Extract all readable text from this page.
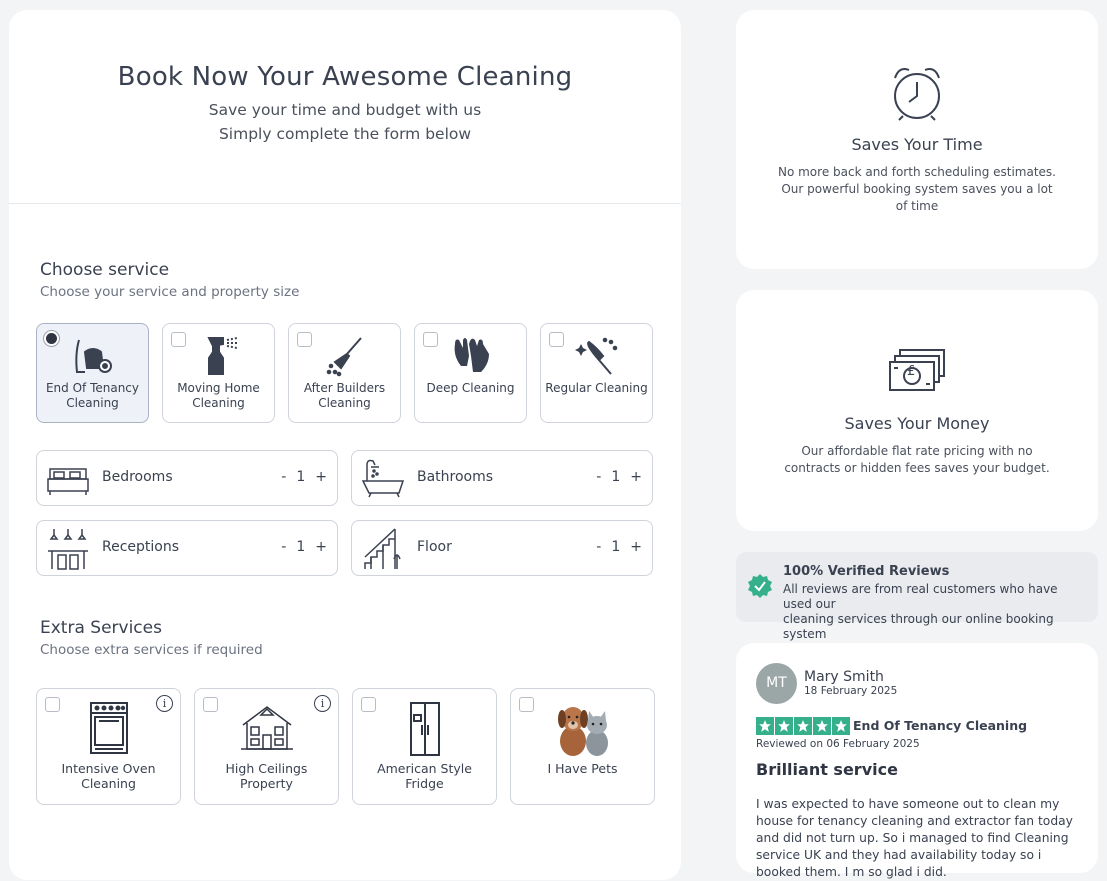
Book Now Your Awesome Cleaning

Save your time and budget with us

Simply complete the form below

Choose service
Choose your service and property size
End Of Tenancy Cleaning
Moving Home Cleaning
After Builders Cleaning
Deep Cleaning	Regular Cleaning
Bedrooms	- 1 +	Bathrooms	- 1 +
Receptions	- 1 +	Floor	- 1 +
Extra Services
Choose extra services if required
i
Intensive Oven Cleaning
i
High Ceilings Property
American Style Fridge
I Have Pets
Saves Your Time
No more back and forth scheduling estimates.
Our powerful booking system saves you a lot
of time
£
Saves Your Money
Our affordable flat rate pricing with no
contracts or hidden fees saves your budget.
100% Verified Reviews
All reviews are from real customers who have used our
cleaning services through our online booking system
MT	Mary Smith
18 February 2025
End Of Tenancy Cleaning
Reviewed on 06 February 2025
Brilliant service
I was expected to have someone out to clean my house for tenancy cleaning and extractor fan today and did not turn up. So i managed to find Cleaning service UK and they had availability today so i booked them. I m so glad i did.
